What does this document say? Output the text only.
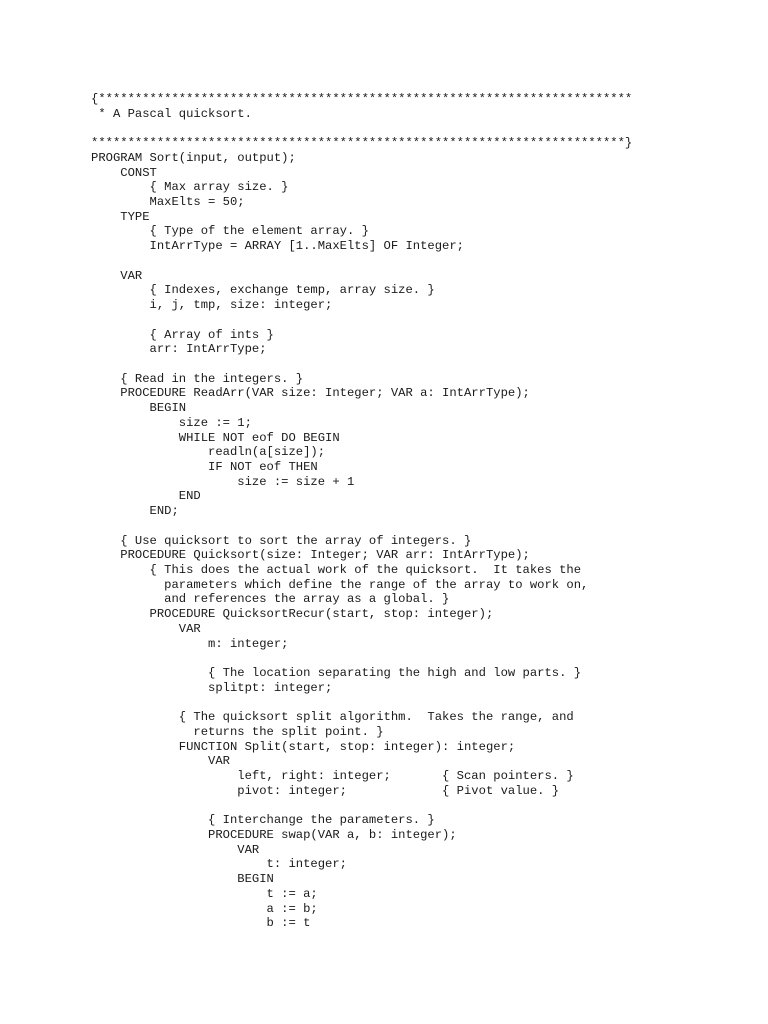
{*************************************************************************
* A Pascal quicksort.
*************************************************************************}
PROGRAM Sort(input, output);
CONST
{ Max array size. }
MaxElts = 50;
TYPE
{ Type of the element array. }
IntArrType = ARRAY [1..MaxElts] OF Integer;
VAR
{ Indexes, exchange temp, array size. }
i, j, tmp, size: integer;
{ Array of ints }
arr: IntArrType;
{ Read in the integers. }
PROCEDURE ReadArr(VAR size: Integer; VAR a: IntArrType);
BEGIN
size := 1;
WHILE NOT eof DO BEGIN
readln(a[size]);
IF NOT eof THEN
size := size + 1
END
END;
{ Use quicksort to sort the array of integers. }
PROCEDURE Quicksort(size: Integer; VAR arr: IntArrType);
{ This does the actual work of the quicksort.  It takes the
parameters which define the range of the array to work on,
and references the array as a global. }
PROCEDURE QuicksortRecur(start, stop: integer);
VAR
m: integer;
{ The location separating the high and low parts. }
splitpt: integer;
{ The quicksort split algorithm.  Takes the range, and
returns the split point. }
FUNCTION Split(start, stop: integer): integer;
VAR
left, right: integer;       { Scan pointers. }
pivot: integer;             { Pivot value. }
{ Interchange the parameters. }
PROCEDURE swap(VAR a, b: integer);
VAR
t: integer;
BEGIN
t := a;
a := b;
b := t
